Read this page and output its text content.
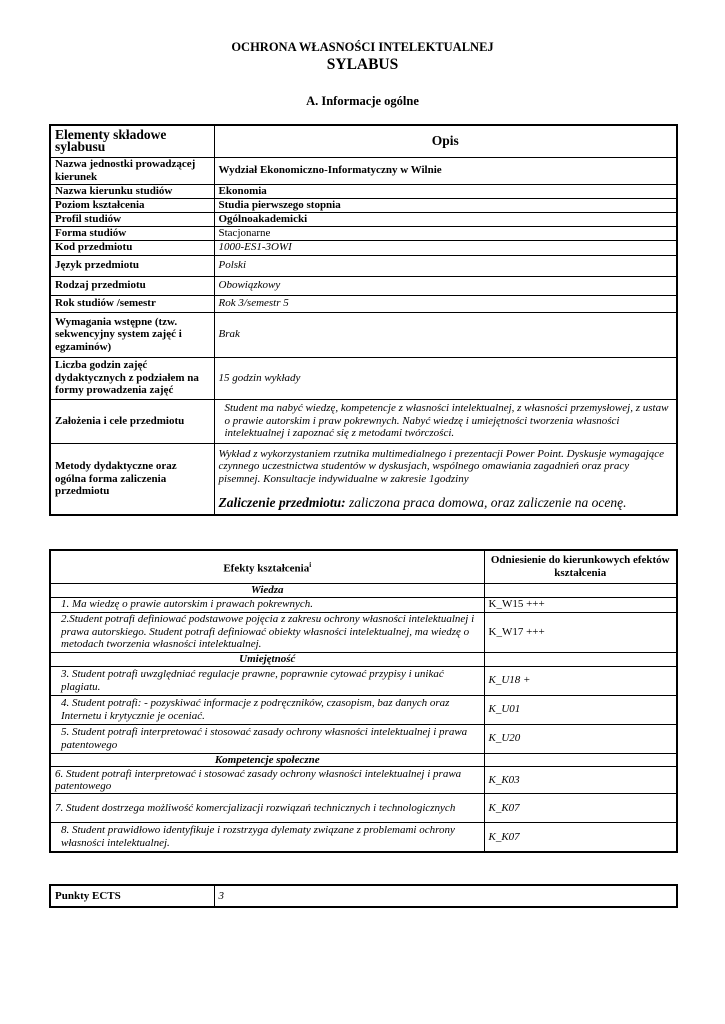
OCHRONA WŁASNOŚCI INTELEKTUALNEJ
SYLABUS
A. Informacje ogólne
Elementy składowe sylabusu	Opis
Nazwa jednostki prowadzącej kierunek	Wydział Ekonomiczno-Informatyczny w Wilnie
Nazwa kierunku studiów	Ekonomia
Poziom kształcenia	Studia pierwszego stopnia
Profil studiów	Ogólnoakademicki
Forma studiów	Stacjonarne
Kod przedmiotu	1000-ES1-3OWI
Język przedmiotu	Polski
Rodzaj przedmiotu	Obowiązkowy
Rok studiów /semestr	Rok 3/semestr 5
Wymagania wstępne (tzw. sekwencyjny system zajęć i egzaminów)	Brak
Liczba godzin zajęć dydaktycznych z podziałem na formy prowadzenia zajęć	15 godzin wykłady
Założenia i cele przedmiotu	Student ma nabyć wiedzę, kompetencje z własności intelektualnej, z własności przemysłowej, z ustaw o prawie autorskim i praw pokrewnych. Nabyć wiedzę i umiejętności tworzenia własności intelektualnej i zapoznać się z metodami twórczości.
Metody dydaktyczne oraz ogólna forma zaliczenia przedmiotu	Wykład z wykorzystaniem rzutnika multimedialnego i prezentacji Power Point. Dyskusje wymagające czynnego uczestnictwa studentów w dyskusjach, wspólnego omawiania zagadnień oraz pracy pisemnej. Konsultacje indywidualne w zakresie 1godziny
Zaliczenie przedmiotu: zaliczona praca domowa, oraz zaliczenie na ocenę.
Efekty kształcenia$^i$	Odniesienie do kierunkowych efektów kształcenia
Wiedza	
1. Ma wiedzę o prawie autorskim i prawach pokrewnych.	K_W15 +++
2.Student potrafi definiować podstawowe pojęcia z zakresu ochrony własności intelektualnej i prawa autorskiego. Student potrafi definiować obiekty własności intelektualnej, ma wiedzę o metodach tworzenia własności intelektualnej.	K_W17 +++
Umiejętność	
3. Student potrafi uwzględniać regulacje prawne, poprawnie cytować przypisy i unikać plagiatu.	K_U18 +
4. Student potrafi: - pozyskiwać informacje z podręczników, czasopism, baz danych oraz Internetu i krytycznie je oceniać.	K_U01
5. Student potrafi interpretować i stosować zasady ochrony własności intelektualnej i prawa patentowego	K_U20
Kompetencje społeczne	
6. Student potrafi interpretować i stosować zasady ochrony własności intelektualnej i prawa patentowego	K_K03
7. Student dostrzega możliwość komercjalizacji rozwiązań technicznych i technologicznych	K_K07
8. Student prawidłowo identyfikuje i rozstrzyga dylematy związane z problemami ochrony własności intelektualnej.	K_K07
Punkty ECTS	3
